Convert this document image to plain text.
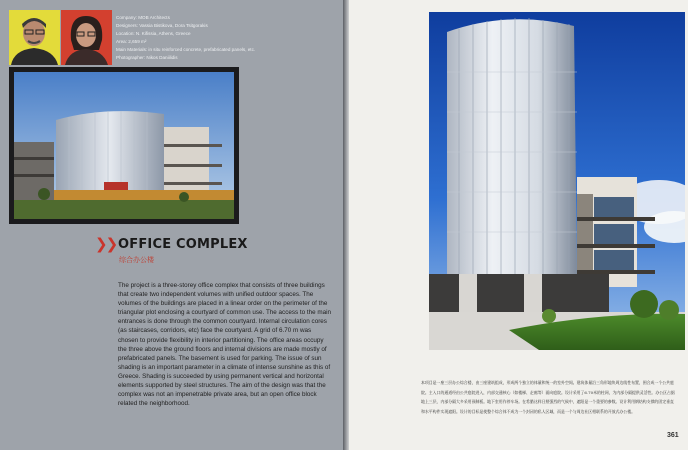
Company: MOB Architects
Designers: Vassia Bistikova, Dora Tsitgorakis
Location: N. Kifissia, Athens, Greece
Area: 2,659 m²
Main Materials: in situ reinforced concrete, prefabricated panels, etc.
Photographer: Nikos Daniilidis
❯❯ OFFICE COMPLEX
综合办公楼
The project is a three-storey office complex that consists of three buildings that create two independent volumes with unified outdoor spaces. The volumes of the buildings are placed in a linear order on the perimeter of the triangular plot enclosing a courtyard of common use. The access to the main entrances is done through the common courtyard. Internal circulation cores (as staircases, corridors, etc) face the courtyard. A grid of 6.70 m was chosen to provide flexibility in interior partitioning. The office areas occupy the three above the ground floors and internal divisions are made mostly of prefabricated panels. The basement is used for parking. The issue of sun shading is an important parameter in a climate of intense sunshine as this of Greece. Shading is succeeded by using permanent vertical and horizontal elements supported by steel structures. The aim of the design was that the complex was not an impenetrable private area, but an open office block related the neighborhood.
本项目是一座三层办公综合楼，由三座建筑组成，形成两个独立的体量和统一的室外空间。建筑体量沿三角形地块周边线性布置，围合成一个公共庭院。主入口的通道经由公共庭院进入，内部交通核心（如楼梯、走廊等）面向庭院。设计采用了6.70米的柱网，为内部分隔提供灵活性。办公区占据地上三层，内部分隔大多采用预制板。地下室用作停车场。在希腊这样日照强烈的气候中，遮阳是一个重要的参数。设计利用钢结构支撑的固定垂直和水平构件实现遮阳。设计的目标是使整个综合体不成为一个封闭的私人区域，而是一个与周边社区相联系的开放式办公楼。
361
